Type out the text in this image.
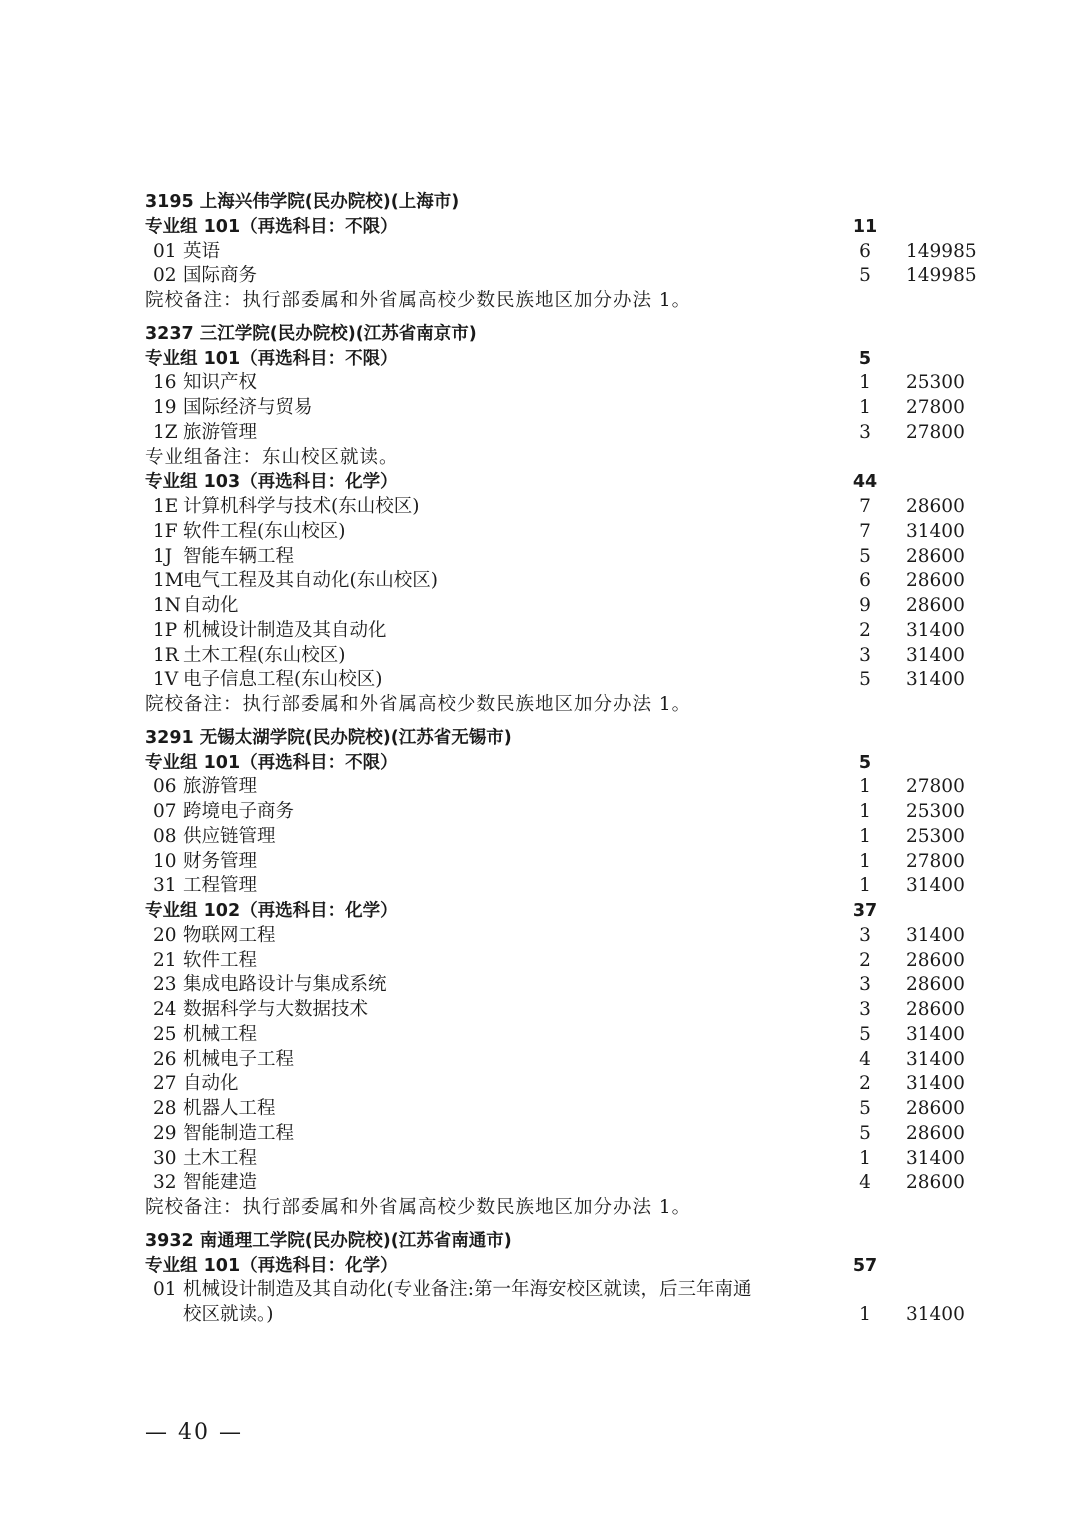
3195 上海兴伟学院(民办院校)(上海市)
专业组 101（再选科目：不限）	11
01 英语	6	149985
02 国际商务	5	149985
院校备注：执行部委属和外省属高校少数民族地区加分办法 1。
3237 三江学院(民办院校)(江苏省南京市)
专业组 101（再选科目：不限）	5
16 知识产权	1	25300
19 国际经济与贸易	1	27800
1Z 旅游管理	3	27800
专业组备注：东山校区就读。
专业组 103（再选科目：化学）	44
1E 计算机科学与技术(东山校区)	7	28600
1F 软件工程(东山校区)	7	31400
1J 智能车辆工程	5	28600
1M 电气工程及其自动化(东山校区)	6	28600
1N 自动化	9	28600
1P 机械设计制造及其自动化	2	31400
1R 土木工程(东山校区)	3	31400
1V 电子信息工程(东山校区)	5	31400
院校备注：执行部委属和外省属高校少数民族地区加分办法 1。
3291 无锡太湖学院(民办院校)(江苏省无锡市)
专业组 101（再选科目：不限）	5
06 旅游管理	1	27800
07 跨境电子商务	1	25300
08 供应链管理	1	25300
10 财务管理	1	27800
31 工程管理	1	31400
专业组 102（再选科目：化学）	37
20 物联网工程	3	31400
21 软件工程	2	28600
23 集成电路设计与集成系统	3	28600
24 数据科学与大数据技术	3	28600
25 机械工程	5	31400
26 机械电子工程	4	31400
27 自动化	2	31400
28 机器人工程	5	28600
29 智能制造工程	5	28600
30 土木工程	1	31400
32 智能建造	4	28600
院校备注：执行部委属和外省属高校少数民族地区加分办法 1。
3932 南通理工学院(民办院校)(江苏省南通市)
专业组 101（再选科目：化学）	57
01 机械设计制造及其自动化(专业备注:第一年海安校区就读，后三年南通
校区就读。)	1	31400
— 40 —
